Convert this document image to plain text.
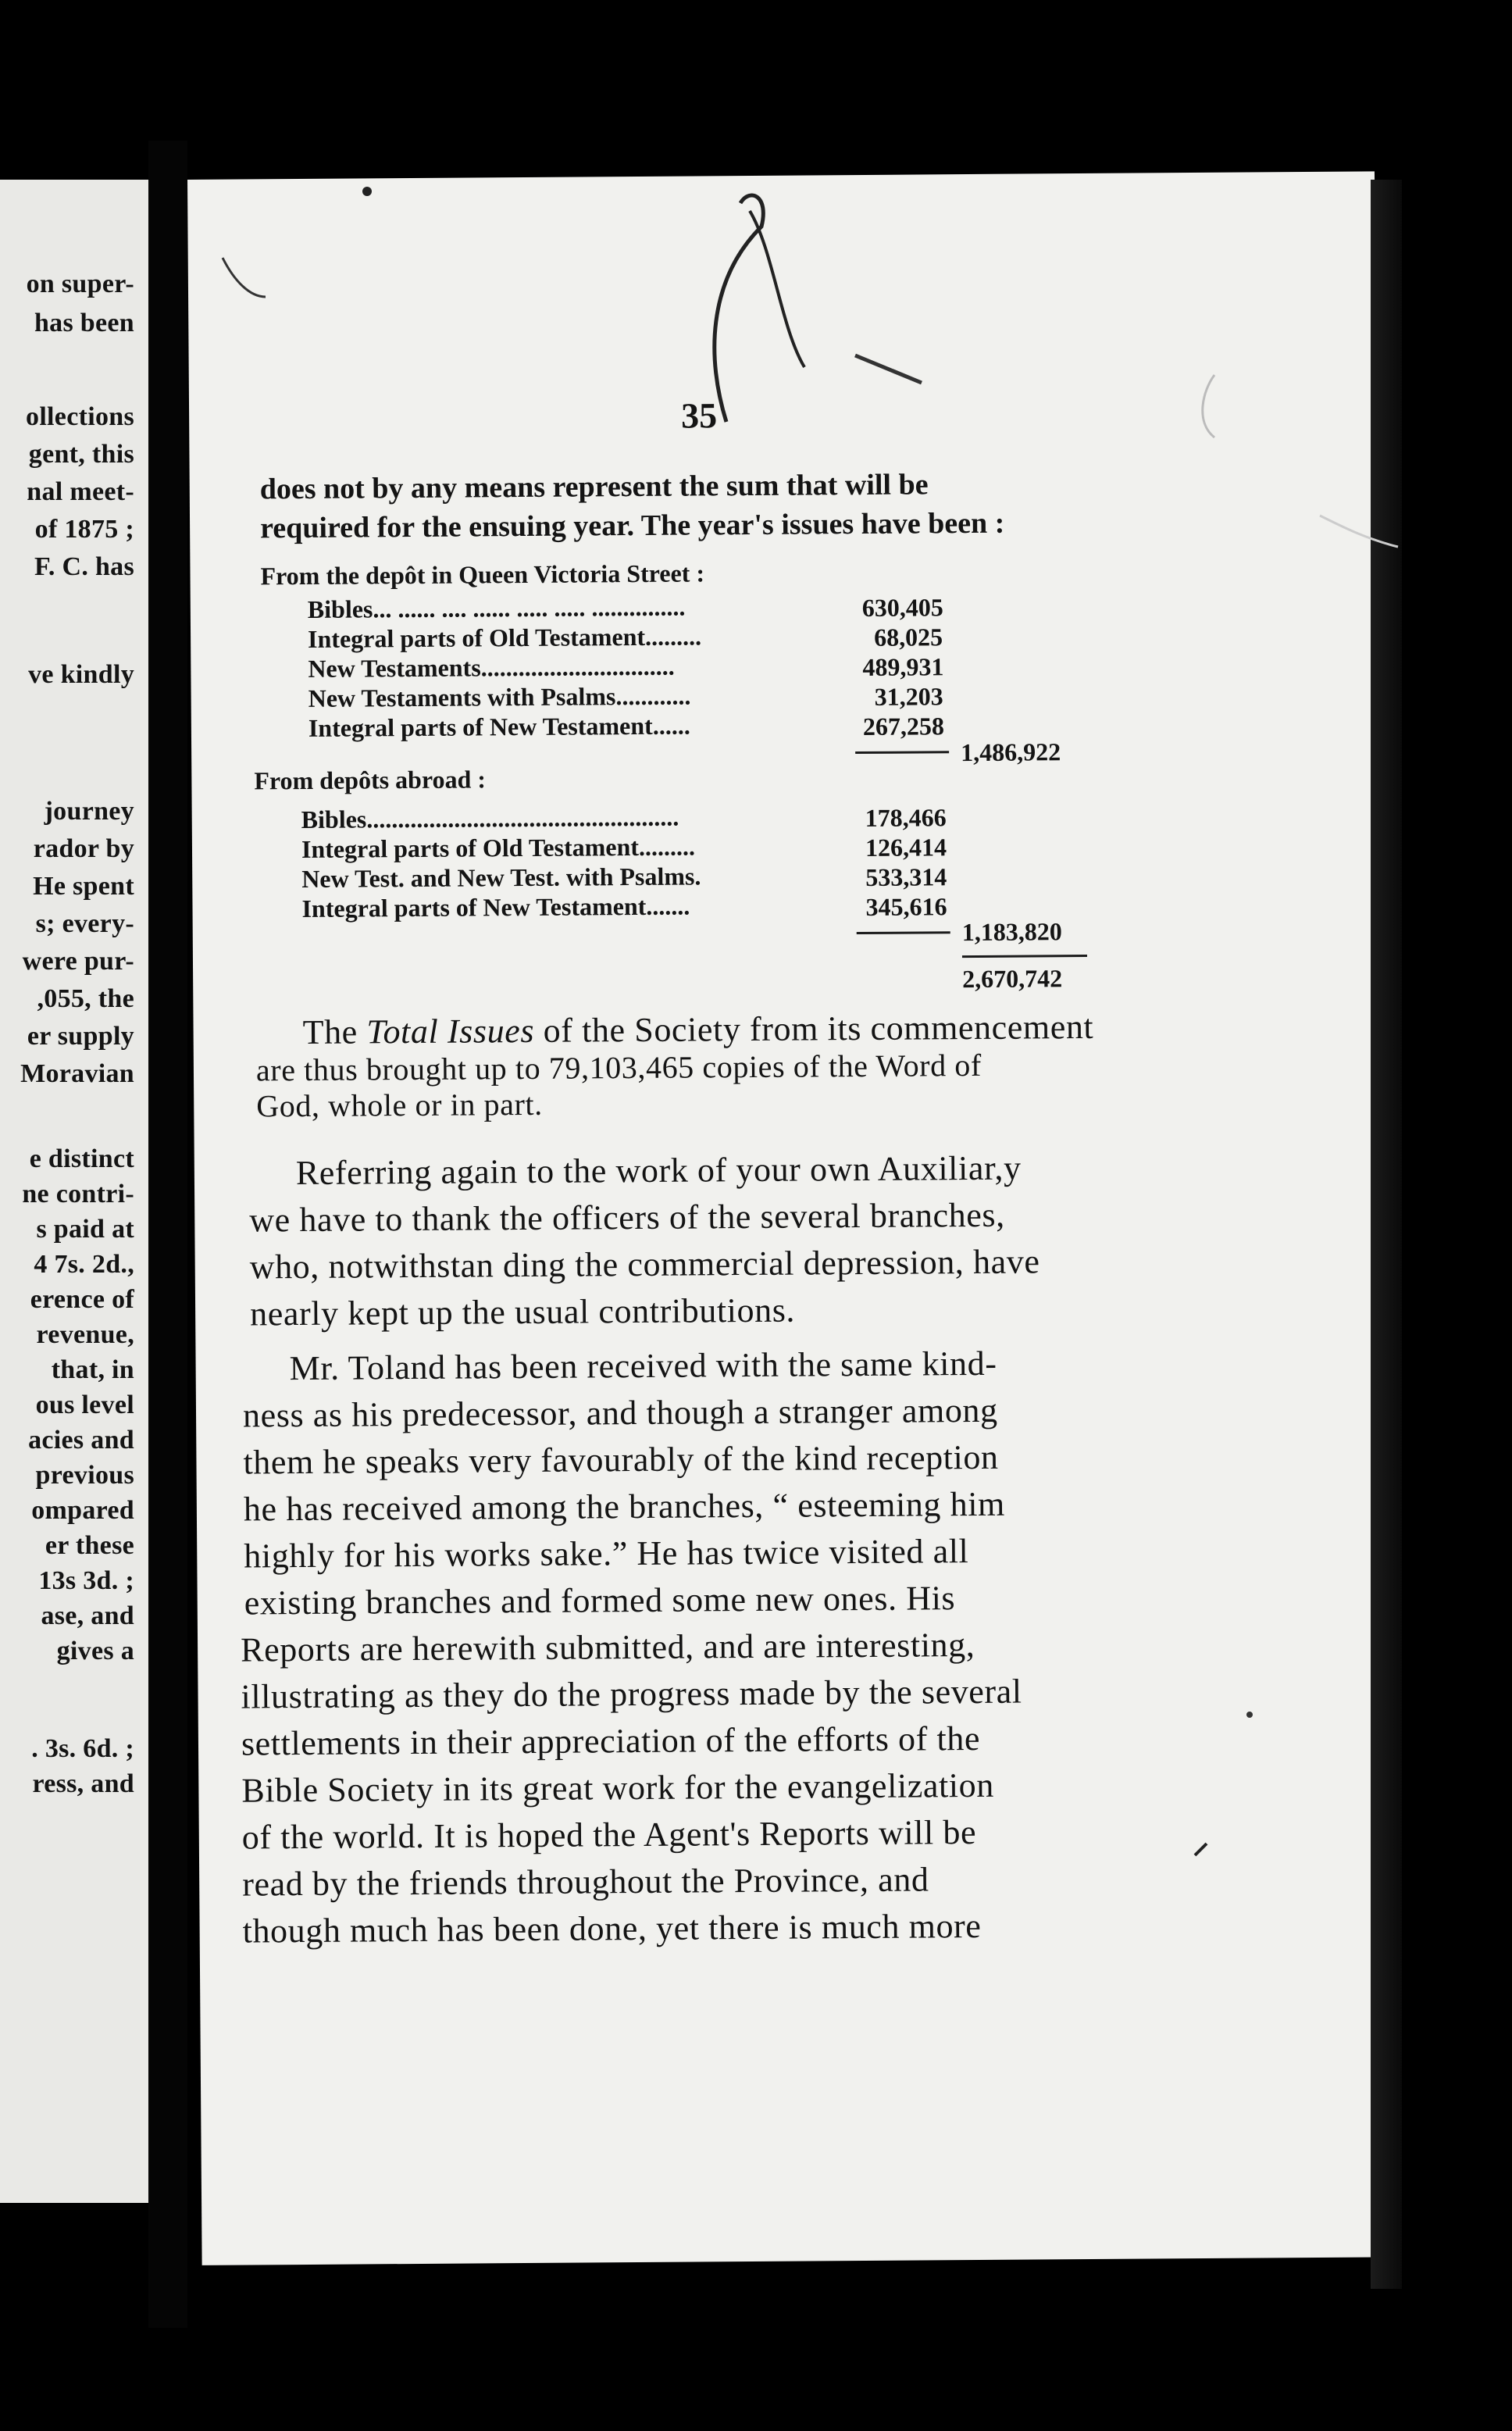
on super-
has been
ollections
gent, this
nal meet-
of 1875 ;
F. C. has
ve kindly
journey
rador by
He spent
s; every-
were pur-
,055, the
er supply
Moravian
e distinct
ne contri-
s paid at
4 7s. 2d.,
erence of
revenue,
that, in
ous level
acies and
previous
ompared
er these
13s 3d. ;
ase, and
gives a
. 3s. 6d. ;
ress, and
35
does not by any means represent the sum that will be
required for the ensuing year. The year's issues have been :
From the depôt in Queen Victoria Street :
Bibles... ...... .... ...... ..... ..... ...............	630,405
Integral parts of Old Testament.........	68,025
New Testaments...............................	489,931
New Testaments with Psalms............	31,203
Integral parts of New Testament......	267,258
1,486,922
From depôts abroad :
Bibles..................................................	178,466
Integral parts of Old Testament.........	126,414
New Test. and New Test. with Psalms.	533,314
Integral parts of New Testament.......	345,616
1,183,820
2,670,742
The Total Issues of the Society from its commencement
are thus brought up to 79,103,465 copies of the Word of
God, whole or in part.
Referring again to the work of your own Auxiliar,y
we have to thank the officers of the several branches,
who, notwithstan ding the commercial depression, have
nearly kept up the usual contributions.
Mr. Toland has been received with the same kind-
ness as his predecessor, and though a stranger among
them he speaks very favourably of the kind reception
he has received among the branches, “ esteeming him
highly for his works sake.” He has twice visited all
existing branches and formed some new ones. His
Reports are herewith submitted, and are interesting,
illustrating as they do the progress made by the several
settlements in their appreciation of the efforts of the
Bible Society in its great work for the evangelization
of the world. It is hoped the Agent's Reports will be
read by the friends throughout the Province, and
though much has been done, yet there is much more
